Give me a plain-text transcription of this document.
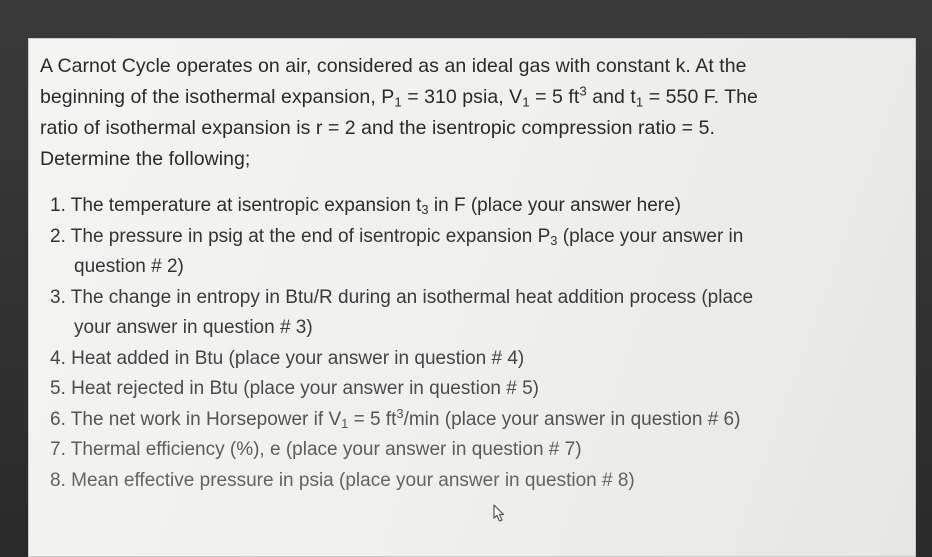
A Carnot Cycle operates on air, considered as an ideal gas with constant k. At the
beginning of the isothermal expansion, $P_1 = 310$ psia, $V_1 = 5$ $ft^3$ and $t_1 = 550$ F. The
ratio of isothermal expansion is r = 2 and the isentropic compression ratio = 5.
Determine the following;
1. The temperature at isentropic expansion $t_3$ in F (place your answer here)
2. The pressure in psig at the end of isentropic expansion $P_3$ (place your answer in
question # 2)
3. The change in entropy in Btu/R during an isothermal heat addition process (place
your answer in question # 3)
4. Heat added in Btu (place your answer in question # 4)
5. Heat rejected in Btu (place your answer in question # 5)
6. The net work in Horsepower if $V_1 = 5$ $ft^3/\min$ (place your answer in question # 6)
7. Thermal efficiency (%), e (place your answer in question # 7)
8. Mean effective pressure in psia (place your answer in question # 8)
